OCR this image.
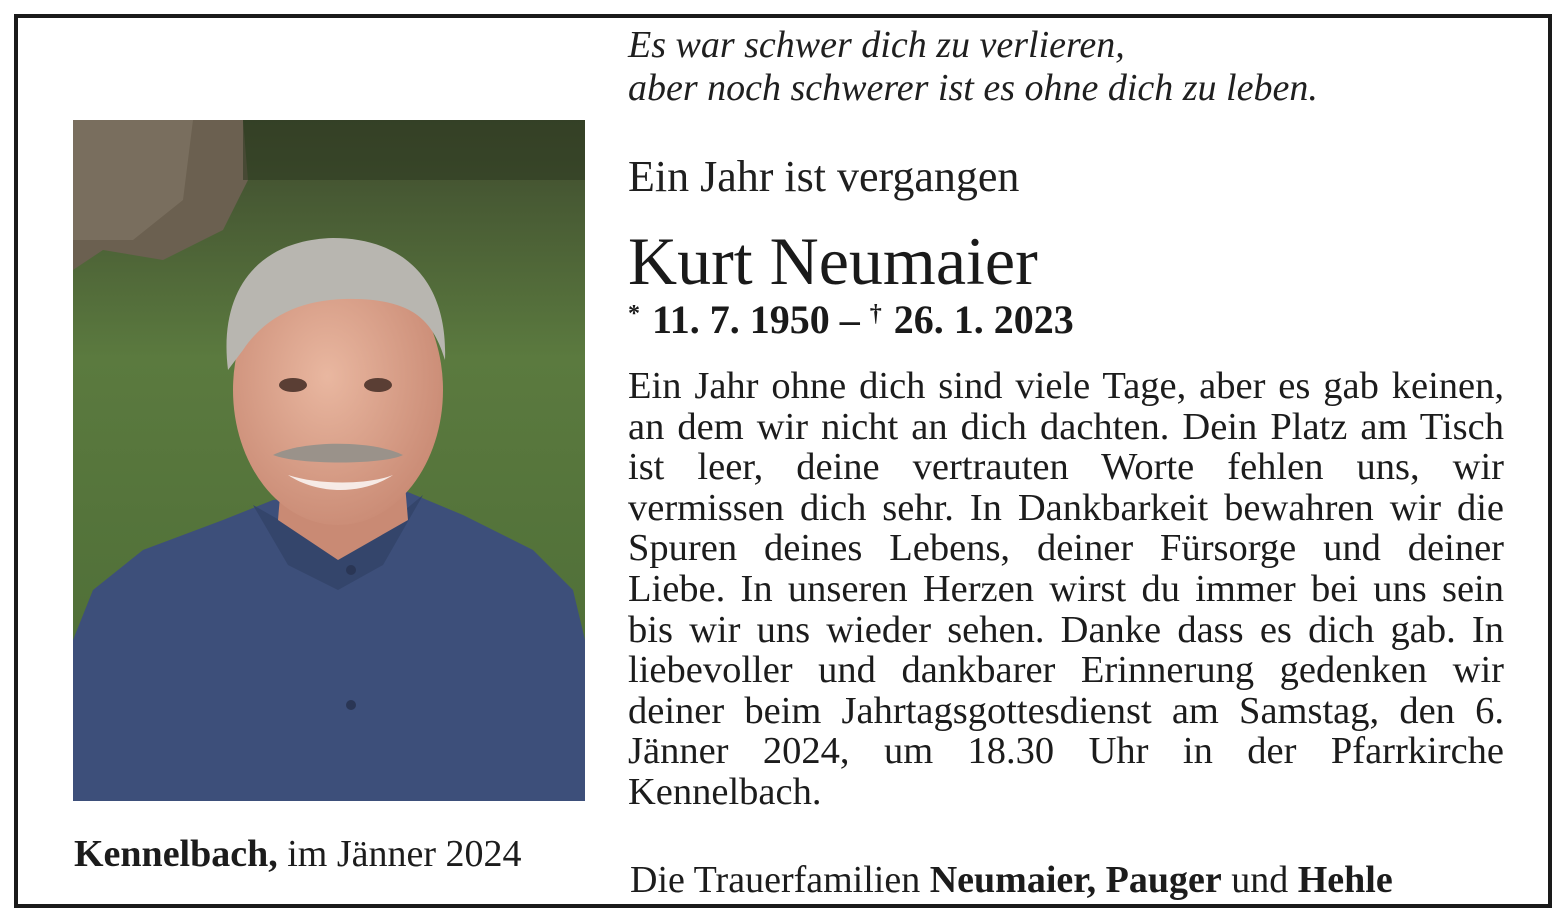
Es war schwer dich zu verlieren,
aber noch schwerer ist es ohne dich zu leben.
Kennelbach, im Jänner 2024
Ein Jahr ist vergangen
Kurt Neumaier
* 11. 7. 1950 – † 26. 1. 2023
Ein Jahr ohne dich sind viele Tage, aber es gab keinen, an dem wir nicht an dich dachten. Dein Platz am Tisch ist leer, deine vertrauten Worte fehlen uns, wir vermissen dich sehr. In Dankbarkeit bewahren wir die Spuren deines Lebens, deiner Fürsorge und deiner Liebe. In unseren Herzen wirst du immer bei uns sein bis wir uns wieder sehen. Danke dass es dich gab. In liebevoller und dankbarer Erinnerung gedenken wir deiner beim Jahrtagsgottesdienst am Samstag, den 6. Jänner 2024, um 18.30 Uhr in der Pfarrkirche Kennelbach.
Die Trauerfamilien Neumaier, Pauger und Hehle
